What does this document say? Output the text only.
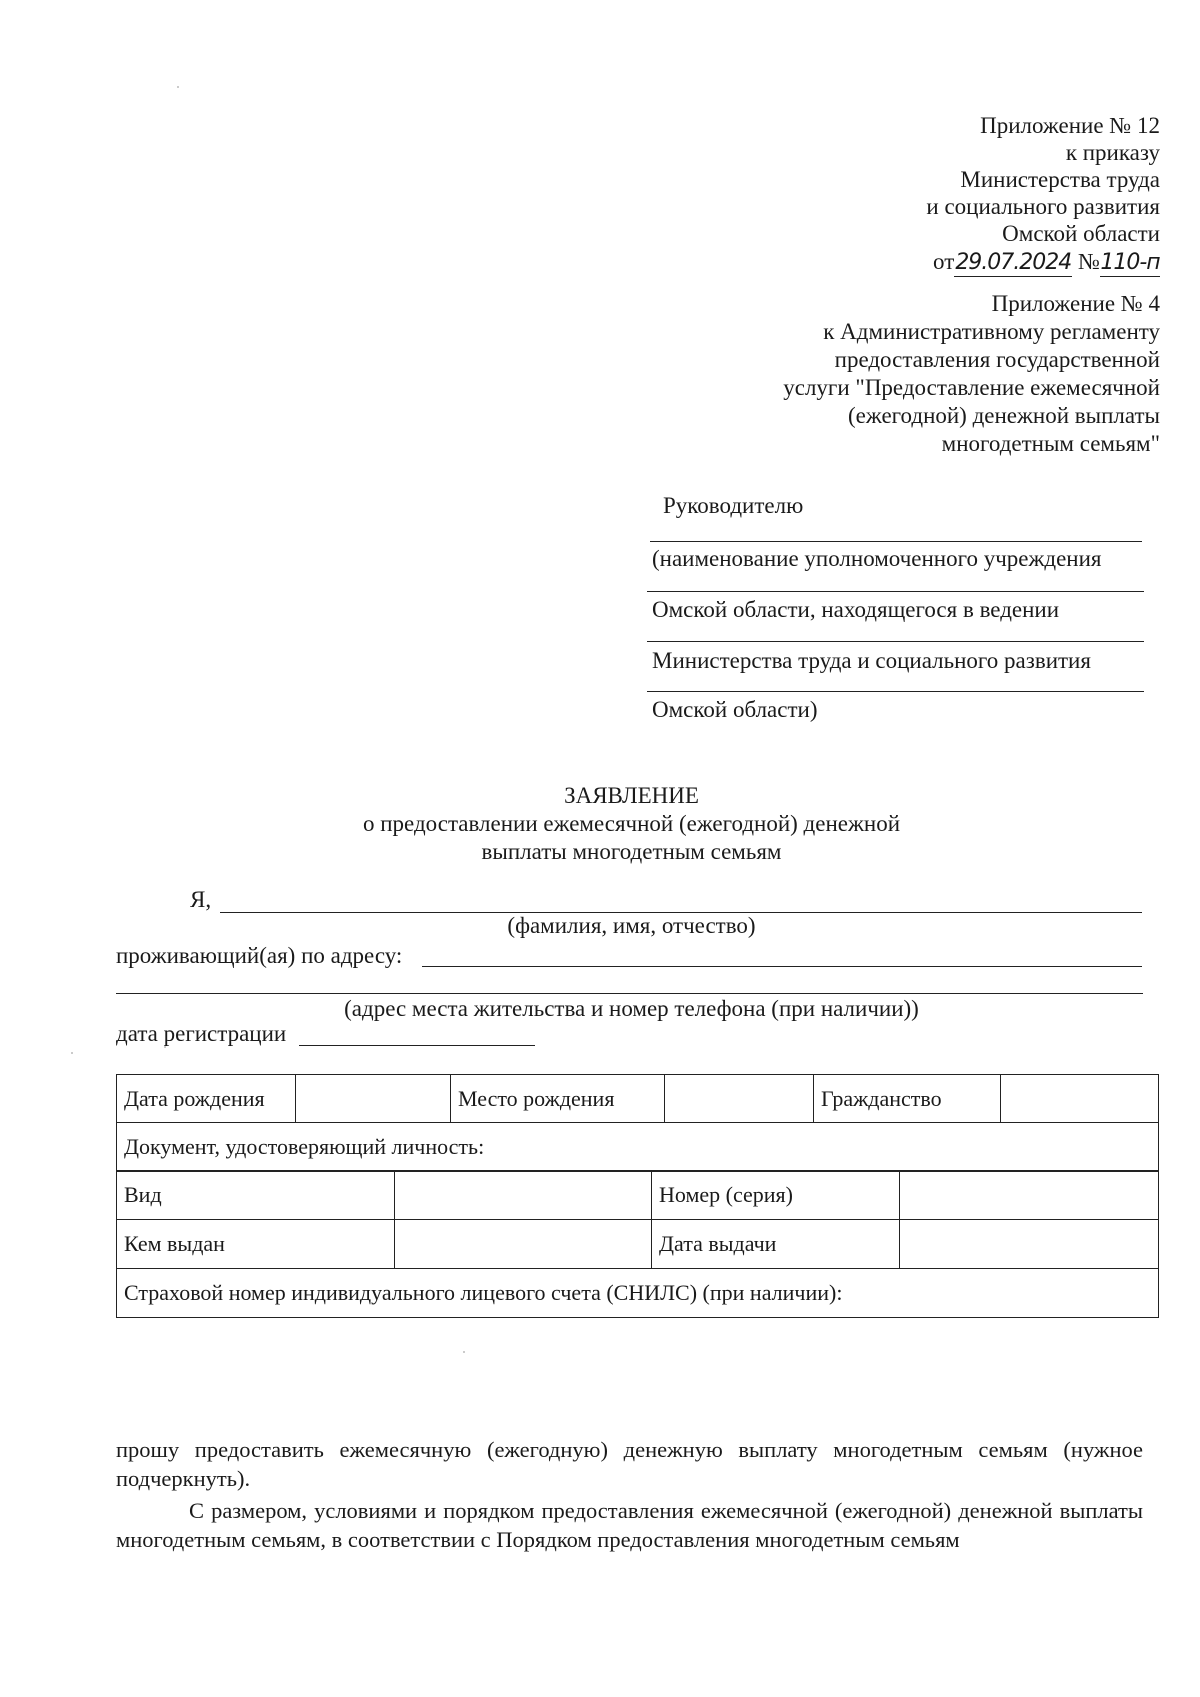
Приложение № 12
к приказу
Министерства труда
и социального развития
Омской области
от29.07.2024 №110-п
Приложение № 4
к Административному регламенту
предоставления государственной
услуги "Предоставление ежемесячной
(ежегодной) денежной выплаты
многодетным семьям"
Руководителю
(наименование уполномоченного учреждения
Омской области, находящегося в ведении
Министерства труда и социального развития
Омской области)
ЗАЯВЛЕНИЕ
о предоставлении ежемесячной (ежегодной) денежной
выплаты многодетным семьям
Я,
(фамилия, имя, отчество)
проживающий(ая) по адресу:
(адрес места жительства и номер телефона (при наличии))
дата регистрации
Дата рождения		Место рождения		Гражданство	
Документ, удостоверяющий личность:
Вид		Номер (серия)	
Кем выдан		Дата выдачи	
Страховой номер индивидуального лицевого счета (СНИЛС) (при наличии):			
прошу предоставить ежемесячную (ежегодную) денежную выплату многодетным семьям (нужное подчеркнуть).
С размером, условиями и порядком предоставления ежемесячной (ежегодной) денежной выплаты многодетным семьям, в соответствии с Порядком предоставления многодетным семьям
